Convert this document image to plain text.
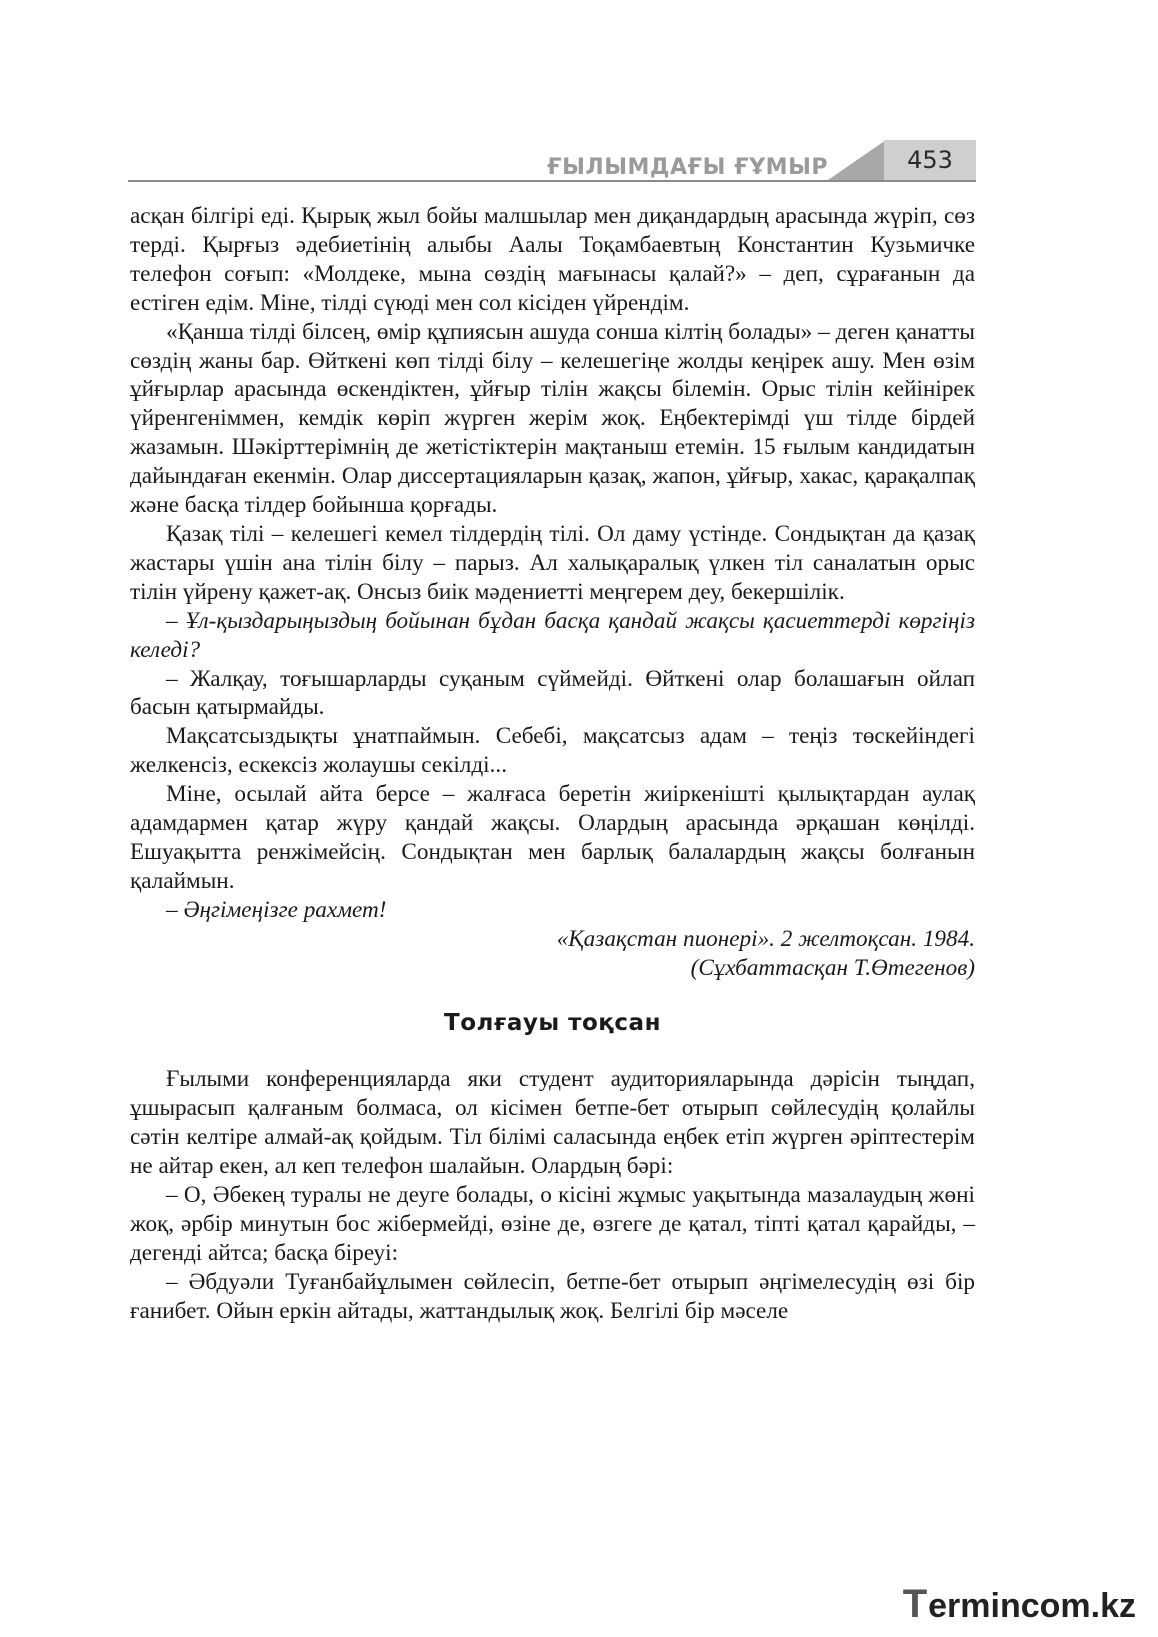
ҒЫЛЫМДАҒЫ ҒҰМЫР	453

асқан білгірі еді. Қырық жыл бойы малшылар мен диқандардың арасында жүріп, сөз терді. Қырғыз әдебиетінің алыбы Аалы Тоқамбаевтың Константин Кузьмичке телефон соғып: «Молдеке, мына сөздің мағынасы қалай?» – деп, сұрағанын да естіген едім. Міне, тілді сүюді мен сол кісіден үйрендім.

«Қанша тілді білсең, өмір құпиясын ашуда сонша кілтің болады» – деген қанатты сөздің жаны бар. Өйткені көп тілді білу – келешегіңе жолды кеңірек ашу. Мен өзім ұйғырлар арасында өскендіктен, ұйғыр тілін жақсы білемін. Орыс тілін кейінірек үйренгеніммен, кемдік көріп жүрген жерім жоқ. Еңбектерімді үш тілде бірдей жазамын. Шәкірттерімнің де жетістіктерін мақтаныш етемін. 15 ғылым кандидатын дайындаған екенмін. Олар диссертацияларын қазақ, жапон, ұйғыр, хакас, қарақалпақ және басқа тілдер бойынша қорғады.

Қазақ тілі – келешегі кемел тілдердің тілі. Ол даму үстінде. Сондықтан да қазақ жастары үшін ана тілін білу – парыз. Ал халықаралық үлкен тіл саналатын орыс тілін үйрену қажет-ақ. Онсыз биік мәдениетті меңгерем деу, бекершілік.

– Ұл-қыздарыңыздың бойынан бұдан басқа қандай жақсы қасиеттерді көргіңіз келеді?

– Жалқау, тоғышарларды суқаным сүймейді. Өйткені олар болашағын ойлап басын қатырмайды.

Мақсатсыздықты ұнатпаймын. Себебі, мақсатсыз адам – теңіз төскейіндегі желкенсіз, ескексіз жолаушы секілді...

Міне, осылай айта берсе – жалғаса беретін жиіркенішті қылықтардан аулақ адамдармен қатар жүру қандай жақсы. Олардың арасында әрқашан көңілді. Ешуақытта ренжімейсің. Сондықтан мен барлық балалардың жақсы болғанын қалаймын.

– Әңгімеңізге рахмет!

«Қазақстан пионері». 2 желтоқсан. 1984.

(Сұхбаттасқан Т.Өтегенов)

Толғауы тоқсан

Ғылыми конференцияларда яки студент аудиторияларында дәрісін тыңдап, ұшырасып қалғаным болмаса, ол кісімен бетпе-бет отырып сөйлесудің қолайлы сәтін келтіре алмай-ақ қойдым. Тіл білімі саласында еңбек етіп жүрген әріптестерім не айтар екен, ал кеп телефон шалайын. Олардың бәрі:

– О, Әбекең туралы не деуге болады, о кісіні жұмыс уақытында мазалаудың жөні жоқ, әрбір минутын бос жібермейді, өзіне де, өзгеге де қатал, тіпті қатал қарайды, – дегенді айтса; басқа біреуі:

– Әбдуәли Туғанбайұлымен сөйлесіп, бетпе-бет отырып әңгімелесудің өзі бір ғанибет. Ойын еркін айтады, жаттандылық жоқ. Белгілі бір мәселе

Termincom.kz
